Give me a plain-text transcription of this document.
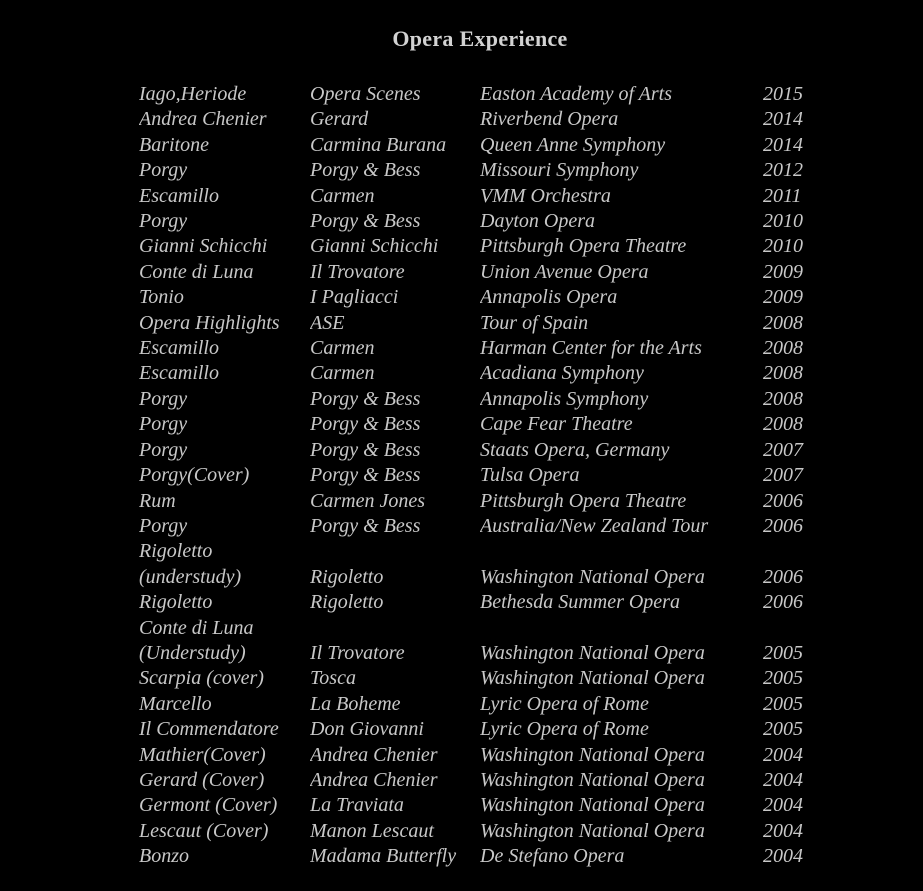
Opera Experience
Iago,Heriode	Opera Scenes	Easton Academy of Arts	2015
Andrea Chenier	Gerard	Riverbend Opera	2014
Baritone	Carmina Burana	Queen Anne Symphony	2014
Porgy	Porgy & Bess	Missouri Symphony	2012
Escamillo	Carmen	VMM Orchestra	2011
Porgy	Porgy & Bess	Dayton Opera	2010
Gianni Schicchi	Gianni Schicchi	Pittsburgh Opera Theatre	2010
Conte di Luna	Il Trovatore	Union Avenue Opera	2009
Tonio	I Pagliacci	Annapolis Opera	2009
Opera Highlights	ASE	Tour of Spain	2008
Escamillo	Carmen	Harman Center for the Arts	2008
Escamillo	Carmen	Acadiana Symphony	2008
Porgy	Porgy & Bess	Annapolis Symphony	2008
Porgy	Porgy & Bess	Cape Fear Theatre	2008
Porgy	Porgy & Bess	Staats Opera, Germany	2007
Porgy(Cover)	Porgy & Bess	Tulsa Opera	2007
Rum	Carmen Jones	Pittsburgh Opera Theatre	2006
Porgy	Porgy & Bess	Australia/New Zealand Tour	2006
Rigoletto
(understudy)	Rigoletto	Washington National Opera	2006
Rigoletto	Rigoletto	Bethesda Summer Opera	2006
Conte di Luna
(Understudy)	Il Trovatore	Washington National Opera	2005
Scarpia (cover)	Tosca	Washington National Opera	2005
Marcello	La Boheme	Lyric Opera of Rome	2005
Il Commendatore	Don Giovanni	Lyric Opera of Rome	2005
Mathier(Cover)	Andrea Chenier	Washington National Opera	2004
Gerard (Cover)	Andrea Chenier	Washington National Opera	2004
Germont (Cover)	La Traviata	Washington National Opera	2004
Lescaut (Cover)	Manon Lescaut	Washington National Opera	2004
Bonzo	Madama Butterfly	De Stefano Opera	2004
